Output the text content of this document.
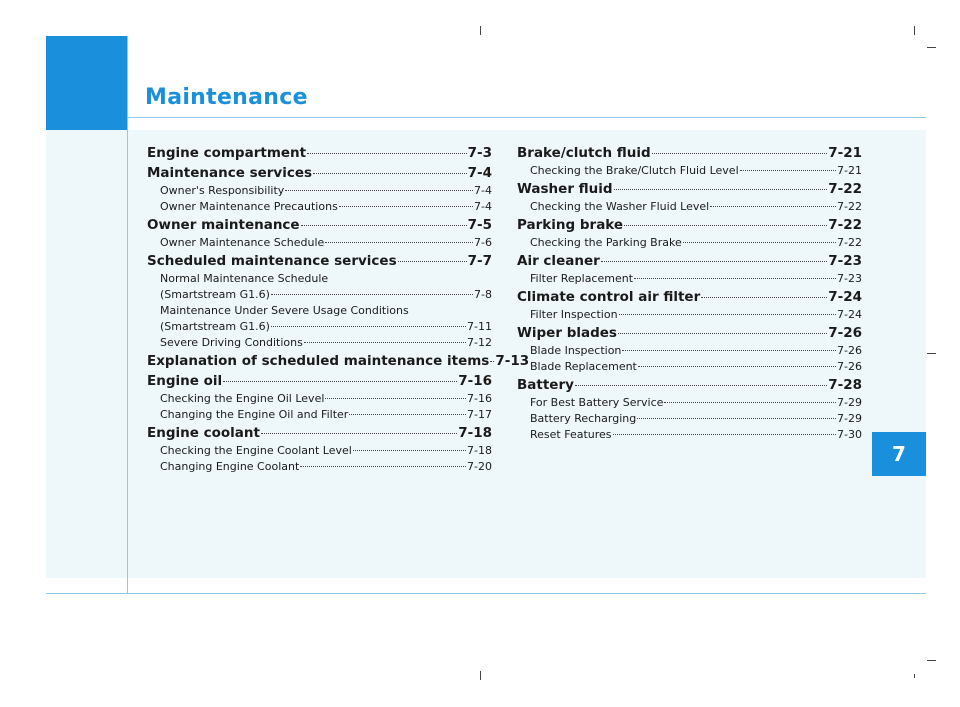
Maintenance
7
Engine compartment	7-3
Maintenance services	7-4
Owner's Responsibility	7-4
Owner Maintenance Precautions	7-4
Owner maintenance	7-5
Owner Maintenance Schedule	7-6
Scheduled maintenance services	7-7
Normal Maintenance Schedule
(Smartstream G1.6)	7-8
Maintenance Under Severe Usage Conditions
(Smartstream G1.6)	7-11
Severe Driving Conditions	7-12
Explanation of scheduled maintenance items 7-13
Engine oil	7-16
Checking the Engine Oil Level	7-16
Changing the Engine Oil and Filter	7-17
Engine coolant	7-18
Checking the Engine Coolant Level	7-18
Changing Engine Coolant	7-20
Brake/clutch fluid	7-21
Checking the Brake/Clutch Fluid Level	7-21
Washer fluid	7-22
Checking the Washer Fluid Level	7-22
Parking brake	7-22
Checking the Parking Brake	7-22
Air cleaner	7-23
Filter Replacement	7-23
Climate control air filter	7-24
Filter Inspection	7-24
Wiper blades	7-26
Blade Inspection	7-26
Blade Replacement	7-26
Battery	7-28
For Best Battery Service	7-29
Battery Recharging	7-29
Reset Features	7-30
